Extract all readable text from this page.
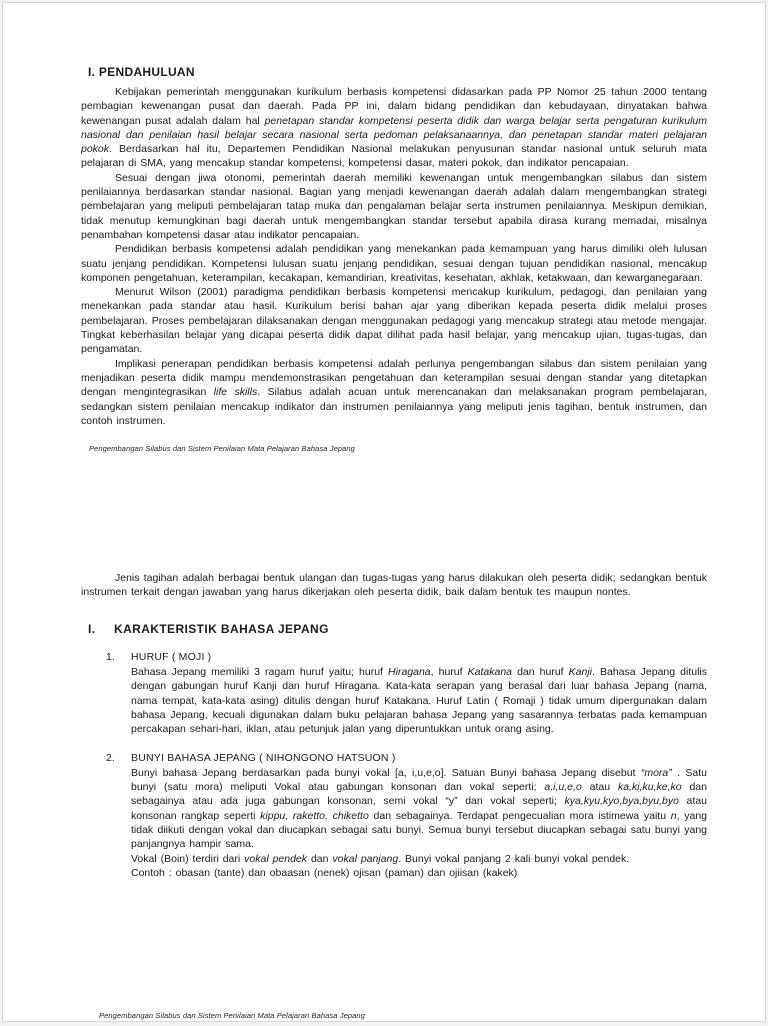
I. PENDAHULUAN

Kebijakan pemerintah menggunakan kurikulum berbasis kompetensi didasarkan pada PP Nomor 25 tahun 2000 tentang pembagian kewenangan pusat dan daerah. Pada PP ini, dalam bidang pendidikan dan kebudayaan, dinyatakan bahwa kewenangan pusat adalah dalam hal penetapan standar kompetensi peserta didik dan warga belajar serta pengaturan kurikulum nasional dan penilaian hasil belajar secara nasional serta pedoman pelaksanaannya, dan penetapan standar materi pelajaran pokok. Berdasarkan hal itu, Departemen Pendidikan Nasional melakukan penyusunan standar nasional untuk seluruh mata pelajaran di SMA, yang mencakup standar kompetensi, kompetensi dasar, materi pokok, dan indikator pencapaian.

Sesuai dengan jiwa otonomi, pemerintah daerah memiliki kewenangan untuk mengembangkan silabus dan sistem penilaiannya berdasarkan standar nasional. Bagian yang menjadi kewenangan daerah adalah dalam mengembangkan strategi pembelajaran yang meliputi pembelajaran tatap muka dan pengalaman belajar serta instrumen penilaiannya. Meskipun demikian, tidak menutup kemungkinan bagi daerah untuk mengembangkan standar tersebut apabila dirasa kurang memadai, misalnya penambahan kompetensi dasar atau indikator pencapaian.

Pendidikan berbasis kompetensi adalah pendidikan yang menekankan pada kemampuan yang harus dimiliki oleh lulusan suatu jenjang pendidikan. Kompetensi lulusan suatu jenjang pendidikan, sesuai dengan tujuan pendidikan nasional, mencakup komponen pengetahuan, keterampilan, kecakapan, kemandirian, kreativitas, kesehatan, akhlak, ketakwaan, dan kewarganegaraan.

Menurut Wilson (2001) paradigma pendidikan berbasis kompetensi mencakup kurikulum, pedagogi, dan penilaian yang menekankan pada standar atau hasil. Kurikulum berisi bahan ajar yang diberikan kepada peserta didik melalui proses pembelajaran. Proses pembelajaran dilaksanakan dengan menggunakan pedagogi yang mencakup strategi atau metode mengajar. Tingkat keberhasilan belajar yang dicapai peserta didik dapat dilihat pada hasil belajar, yang mencakup ujian, tugas-tugas, dan pengamatan.

Implikasi penerapan pendidikan berbasis kompetensi adalah perlunya pengembangan silabus dan sistem penilaian yang menjadikan peserta didik mampu mendemonstrasikan pengetahuan dan keterampilan sesuai dengan standar yang ditetapkan dengan mengintegrasikan life skills. Silabus adalah acuan untuk merencanakan dan melaksanakan program pembelajaran, sedangkan sistem penilaian mencakup indikator dan instrumen penilaiannya yang meliputi jenis tagihan, bentuk instrumen, dan contoh instrumen.

Pengembangan Silabus dan Sistem Penilaian Mata Pelajaran Bahasa Jepang

Jenis tagihan adalah berbagai bentuk ulangan dan tugas-tugas yang harus dilakukan oleh peserta didik; sedangkan bentuk instrumen terkait dengan jawaban yang harus dikerjakan oleh peserta didik, baik dalam bentuk tes maupun nontes.

I.	KARAKTERISTIK BAHASA JEPANG
1.	HURUF ( MOJI )

Bahasa Jepang memiliki 3 ragam huruf yaitu; huruf Hiragana, huruf Katakana dan huruf Kanji. Bahasa Jepang ditulis dengan gabungan huruf Kanji dan huruf Hiragana. Kata-kata serapan yang berasal dari luar bahasa Jepang (nama, nama tempat, kata-kata asing) ditulis dengan huruf Katakana. Huruf Latin ( Romaji ) tidak umum dipergunakan dalam bahasa Jepang, kecuali digunakan dalam buku pelajaran bahasa Jepang yang sasarannya terbatas pada kemampuan percakapan sehari-hari, iklan, atau petunjuk jalan yang diperuntukkan untuk orang asing.

2.	BUNYI BAHASA JEPANG ( NIHONGONO HATSUON )

Bunyi bahasa Jepang berdasarkan pada bunyi vokal [a, i,u,e,o]. Satuan Bunyi bahasa Jepang disebut “mora” . Satu bunyi (satu mora) meliputi Vokal atau gabungan konsonan dan vokal seperti; a,i,u,e,o atau ka,ki,ku,ke,ko dan sebagainya atau ada juga gabungan konsonan, semi vokal “y” dan vokal seperti; kya,kyu,kyo,bya,byu,byo atau konsonan rangkap seperti kippu, raketto, chiketto dan sebagainya. Terdapat pengecualian mora istimewa yaitu n, yang tidak diikuti dengan vokal dan diucapkan sebagai satu bunyi. Semua bunyi tersebut diucapkan sebagai satu bunyi yang panjangnya hampir sama.

Vokal (Boin) terdiri dari vokal pendek dan vokal panjang. Bunyi vokal panjang 2 kali bunyi vokal pendek.

Contoh : obasan (tante) dan obaasan (nenek) ojisan (paman) dan ojiisan (kakek)

Pengembangan Silabus dan Sistem Penilaian Mata Pelajaran Bahasa Jepang
